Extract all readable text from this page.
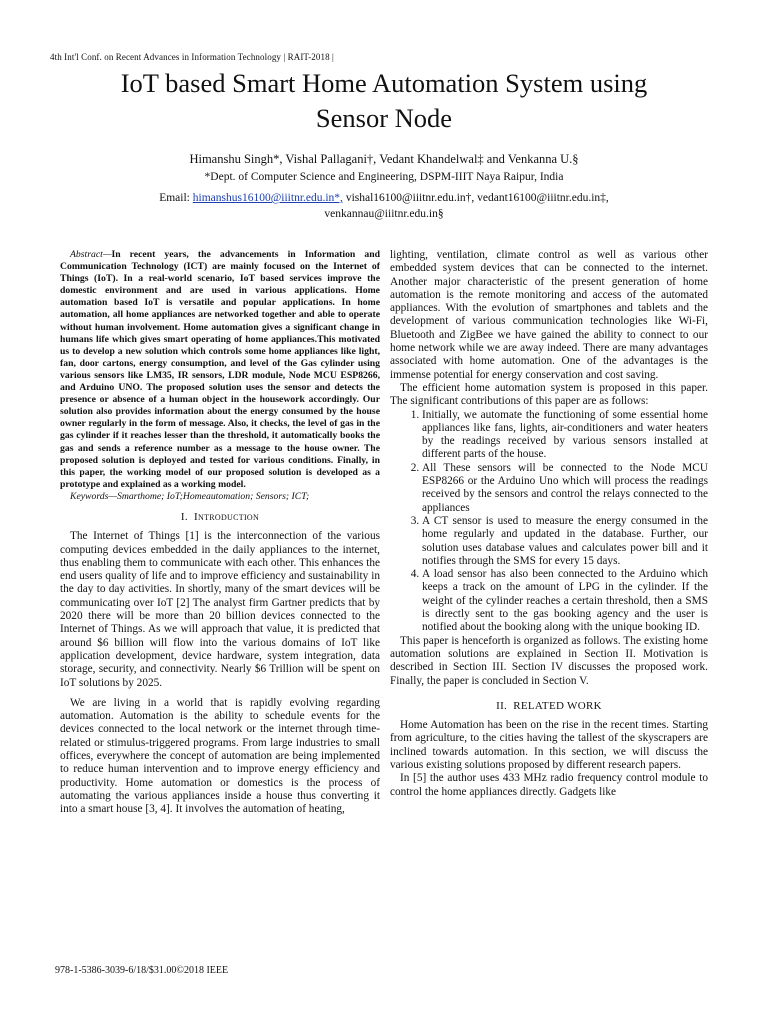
4th Int'l Conf. on Recent Advances in Information Technology | RAIT-2018 |
IoT based Smart Home Automation System using
Sensor Node
Himanshu Singh*, Vishal Pallagani†, Vedant Khandelwal‡ and Venkanna U.§
*Dept. of Computer Science and Engineering, DSPM-IIIT Naya Raipur, India
Email: himanshus16100@iiitnr.edu.in*, vishal16100@iiitnr.edu.in†, vedant16100@iiitnr.edu.in‡,
venkannau@iiitnr.edu.in§

Abstract—In recent years, the advancements in Information and Communication Technology (ICT) are mainly focused on the Internet of Things (IoT). In a real-world scenario, IoT based services improve the domestic environment and are used in various applications. Home automation based IoT is versatile and popular applications. In home automation, all home appliances are networked together and able to operate without human involvement. Home automation gives a significant change in humans life which gives smart operating of home appliances.This motivated us to develop a new solution which controls some home appliances like light, fan, door cartons, energy consumption, and level of the Gas cylinder using various sensors like LM35, IR sensors, LDR module, Node MCU ESP8266, and Arduino UNO. The proposed solution uses the sensor and detects the presence or absence of a human object in the housework accordingly. Our solution also provides information about the energy consumed by the house owner regularly in the form of message. Also, it checks, the level of gas in the gas cylinder if it reaches lesser than the threshold, it automatically books the gas and sends a reference number as a message to the house owner. The proposed solution is deployed and tested for various conditions. Finally, in this paper, the working model of our proposed solution is developed as a prototype and explained as a working model.

Keywords—Smarthome; IoT;Homeautomation; Sensors; ICT;

I. Introduction

The Internet of Things [1] is the interconnection of the various computing devices embedded in the daily appliances to the internet, thus enabling them to communicate with each other. This enhances the end users quality of life and to improve efficiency and sustainability in the day to day activities. In shortly, many of the smart devices will be communicating over IoT [2] The analyst firm Gartner predicts that by 2020 there will be more than 20 billion devices connected to the Internet of Things. As we will approach that value, it is predicted that around $6 billion will flow into the various domains of IoT like application development, device hardware, system integration, data storage, security, and connectivity. Nearly $6 Trillion will be spent on IoT solutions by 2025.

We are living in a world that is rapidly evolving regarding automation. Automation is the ability to schedule events for the devices connected to the local network or the internet through time-related or stimulus-triggered programs. From large industries to small offices, everywhere the concept of automation are being implemented to reduce human intervention and to improve energy efficiency and productivity. Home automation or domestics is the process of automating the various appliances inside a house thus converting it into a smart house [3, 4]. It involves the automation of heating,

lighting, ventilation, climate control as well as various other embedded system devices that can be connected to the internet. Another major characteristic of the present generation of home automation is the remote monitoring and access of the automated appliances. With the evolution of smartphones and tablets and the development of various communication technologies like Wi-Fi, Bluetooth and ZigBee we have gained the ability to connect to our home network while we are away indeed. There are many advantages associated with home automation. One of the advantages is the immense potential for energy conservation and cost saving.

The efficient home automation system is proposed in this paper. The significant contributions of this paper are as follows:

1. Initially, we automate the functioning of some essential home appliances like fans, lights, air-conditioners and water heaters by the readings received by various sensors installed at different parts of the house.
2. All These sensors will be connected to the Node MCU ESP8266 or the Arduino Uno which will process the readings received by the sensors and control the relays connected to the appliances
3. A CT sensor is used to measure the energy consumed in the home regularly and updated in the database. Further, our solution uses database values and calculates power bill and it notifies through the SMS for every 15 days.
4. A load sensor has also been connected to the Arduino which keeps a track on the amount of LPG in the cylinder. If the weight of the cylinder reaches a certain threshold, then a SMS is directly sent to the gas booking agency and the user is notified about the booking along with the unique booking ID.

This paper is henceforth is organized as follows. The existing home automation solutions are explained in Section II. Motivation is described in Section III. Section IV discusses the proposed work. Finally, the paper is concluded in Section V.

II. RELATED WORK

Home Automation has been on the rise in the recent times. Starting from agriculture, to the cities having the tallest of the skyscrapers are inclined towards automation. In this section, we will discuss the various existing solutions proposed by different research papers.

In [5] the author uses 433 MHz radio frequency control module to control the home appliances directly. Gadgets like

978-1-5386-3039-6/18/$31.00©2018 IEEE
